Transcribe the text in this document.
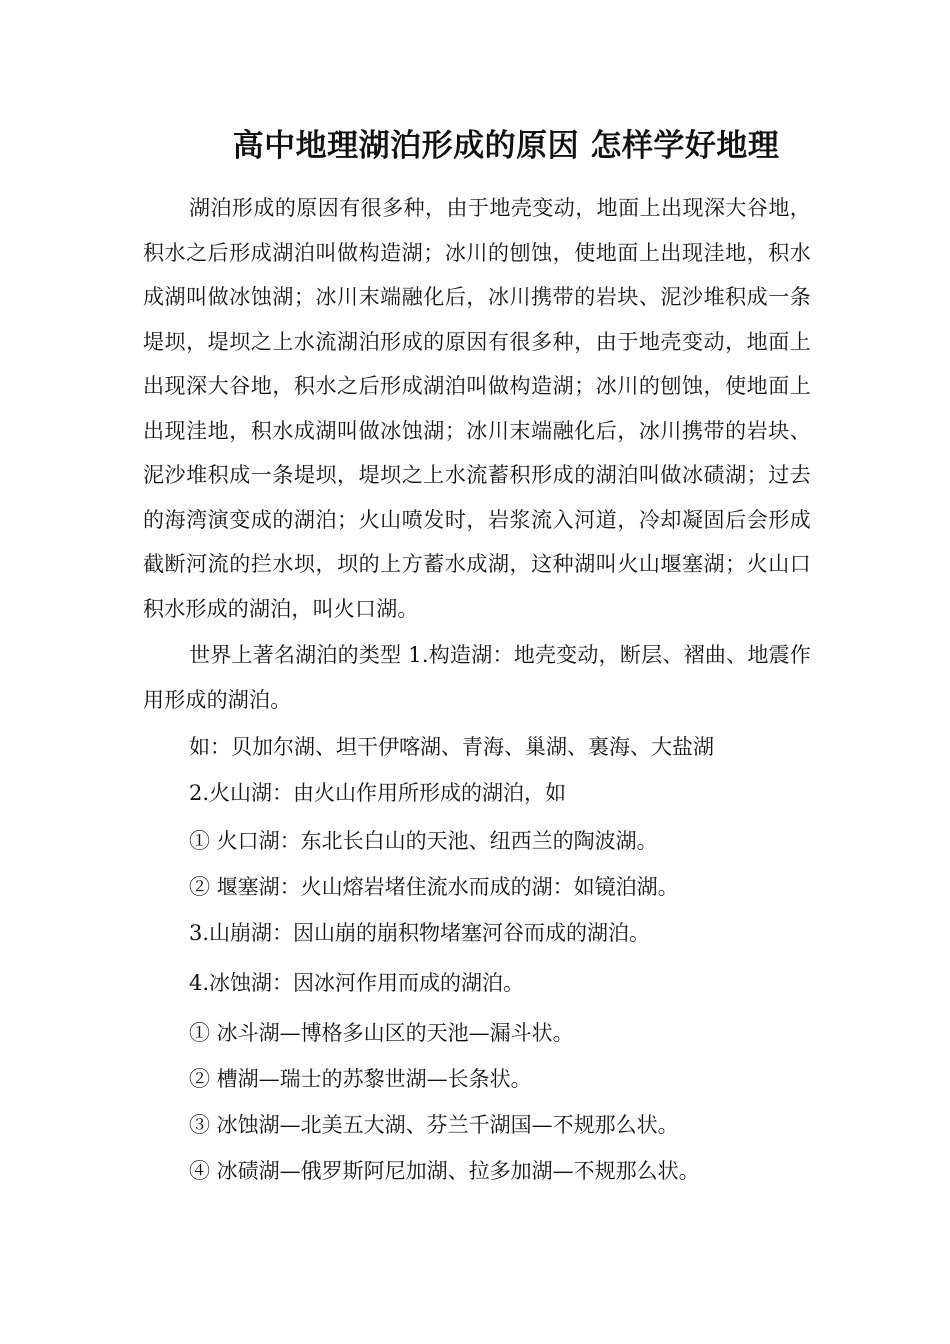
高中地理湖泊形成的原因 怎样学好地理

湖泊形成的原因有很多种，由于地壳变动，地面上出现深大谷地，积水之后形成湖泊叫做构造湖；冰川的刨蚀，使地面上出现洼地，积水成湖叫做冰蚀湖；冰川末端融化后，冰川携带的岩块、泥沙堆积成一条堤坝，堤坝之上水流湖泊形成的原因有很多种，由于地壳变动，地面上出现深大谷地，积水之后形成湖泊叫做构造湖；冰川的刨蚀，使地面上出现洼地，积水成湖叫做冰蚀湖；冰川末端融化后，冰川携带的岩块、泥沙堆积成一条堤坝，堤坝之上水流蓄积形成的湖泊叫做冰碛湖；过去的海湾演变成的湖泊；火山喷发时，岩浆流入河道，冷却凝固后会形成截断河流的拦水坝，坝的上方蓄水成湖，这种湖叫火山堰塞湖；火山口积水形成的湖泊，叫火口湖。

世界上著名湖泊的类型 1.构造湖：地壳变动，断层、褶曲、地震作用形成的湖泊。

如：贝加尔湖、坦干伊喀湖、青海、巢湖、裏海、大盐湖

2.火山湖：由火山作用所形成的湖泊，如

① 火口湖：东北长白山的天池、纽西兰的陶波湖。

② 堰塞湖：火山熔岩堵住流水而成的湖：如镜泊湖。

3.山崩湖：因山崩的崩积物堵塞河谷而成的湖泊。

4.冰蚀湖：因冰河作用而成的湖泊。

① 冰斗湖—博格多山区的天池—漏斗状。

② 槽湖—瑞士的苏黎世湖—长条状。

③ 冰蚀湖—北美五大湖、芬兰千湖国—不规那么状。

④ 冰碛湖—俄罗斯阿尼加湖、拉多加湖—不规那么状。
